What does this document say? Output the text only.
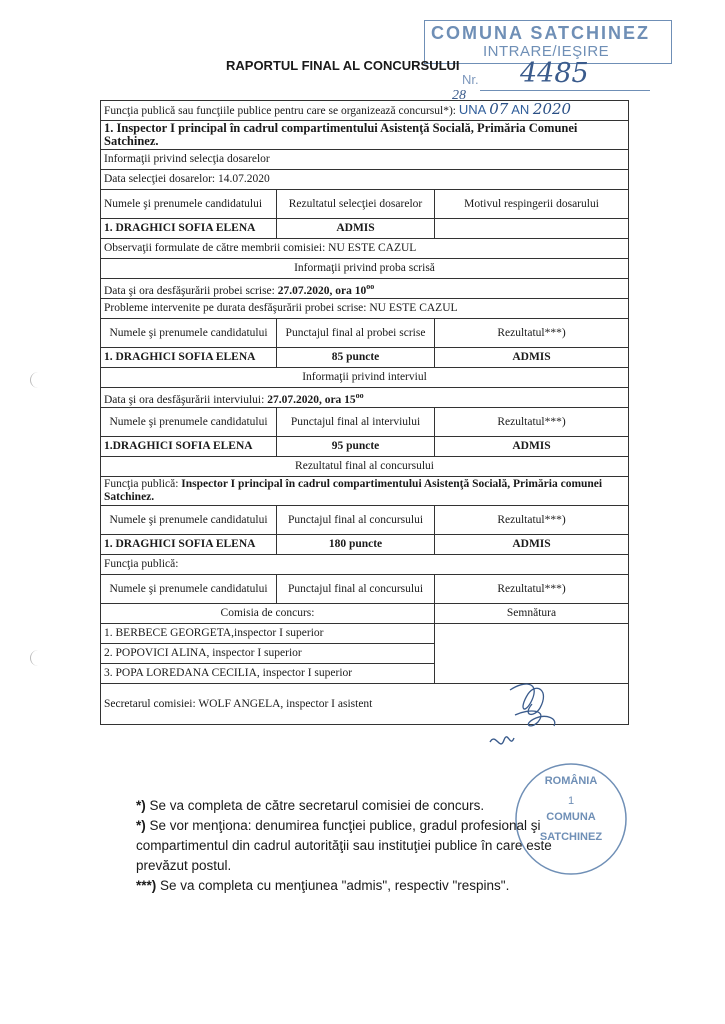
COMUNA SATCHINEZ
INTRARE/IEŞIRE
Nr. 4485
28
RAPORTUL FINAL AL CONCURSULUI
Funcţia publică sau funcţiile publice pentru care se organizează concursul*): UNA 07 AN 2020		
1. Inspector I principal în cadrul compartimentului Asistenţă Socială, Primăria Comunei Satchinez.		
Informaţii privind selecţia dosarelor		
Data selecţiei dosarelor: 14.07.2020		
Numele şi prenumele candidatului	Rezultatul selecţiei dosarelor	Motivul respingerii dosarului
1. DRAGHICI SOFIA ELENA	ADMIS	
Observaţii formulate de către membrii comisiei: NU ESTE CAZUL		
Informaţii privind proba scrisă		
Data şi ora desfăşurării probei scrise: 27.07.2020, ora $10^{oo}$
Probleme intervenite pe durata desfăşurării probei scrise: NU ESTE CAZUL		
Numele şi prenumele candidatului	Punctajul final al probei scrise	Rezultatul***)
1. DRAGHICI SOFIA ELENA	85 puncte	ADMIS
Informaţii privind interviul		
Data şi ora desfăşurării interviului: 27.07.2020, ora $15^{oo}$
Numele şi prenumele candidatului	Punctajul final al interviului	Rezultatul***)
1.DRAGHICI SOFIA ELENA	95 puncte	ADMIS
Rezultatul final al concursului		
Funcţia publică: Inspector I principal în cadrul compartimentului Asistenţă Socială, Primăria comunei Satchinez.		
Numele şi prenumele candidatului	Punctajul final al concursului	Rezultatul***)
1. DRAGHICI SOFIA ELENA	180 puncte	ADMIS
Funcţia publică:		
Numele şi prenumele candidatului	Punctajul final al concursului	Rezultatul***)
Comisia de concurs:		Semnătura
1. BERBECE GEORGETA,inspector I superior		
2. POPOVICI ALINA, inspector I superior		
3. POPA LOREDANA CECILIA, inspector I superior		
Secretarul comisiei: WOLF ANGELA, inspector I asistent		
ROMÂNIA
1
COMUNA
SATCHINEZ

*) Se va completa de către secretarul comisiei de concurs.

*) Se vor menţiona: denumirea funcţiei publice, gradul profesional şi compartimentul din cadrul autorităţii sau instituţiei publice în care este prevăzut postul.

***) Se va completa cu menţiunea "admis", respectiv "respins".
